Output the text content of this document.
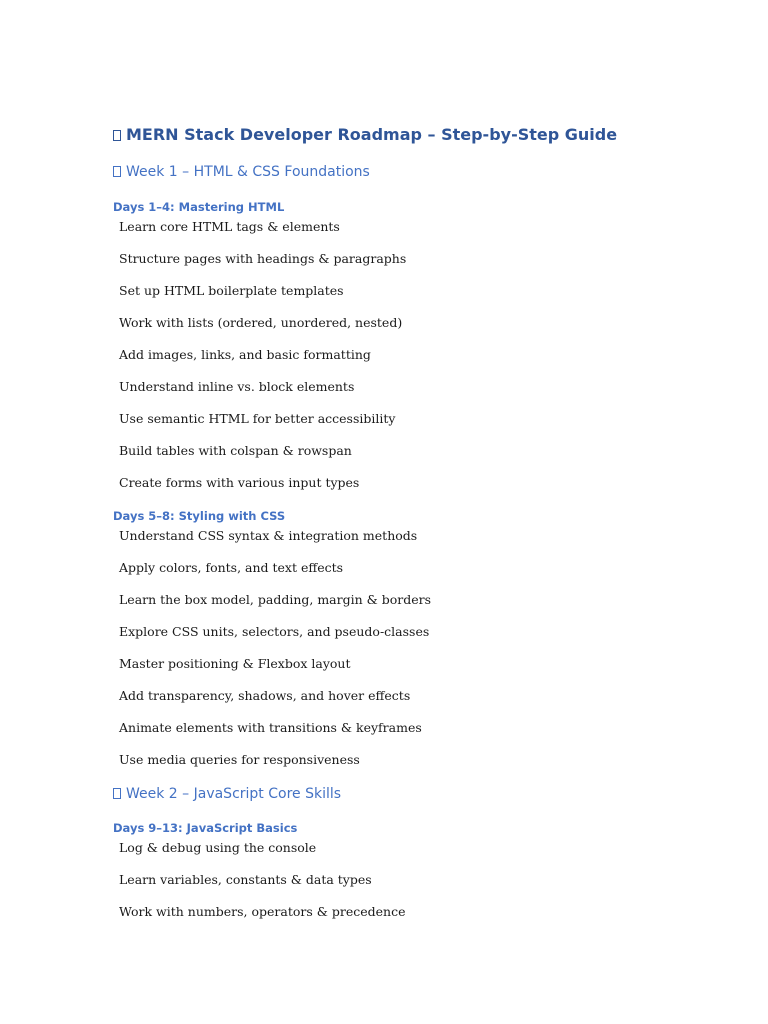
MERN Stack Developer Roadmap – Step-by-Step Guide
Week 1 – HTML & CSS Foundations
Days 1–4: Mastering HTML

Learn core HTML tags & elements

Structure pages with headings & paragraphs

Set up HTML boilerplate templates

Work with lists (ordered, unordered, nested)

Add images, links, and basic formatting

Understand inline vs. block elements

Use semantic HTML for better accessibility

Build tables with colspan & rowspan

Create forms with various input types

Days 5–8: Styling with CSS

Understand CSS syntax & integration methods

Apply colors, fonts, and text effects

Learn the box model, padding, margin & borders

Explore CSS units, selectors, and pseudo-classes

Master positioning & Flexbox layout

Add transparency, shadows, and hover effects

Animate elements with transitions & keyframes

Use media queries for responsiveness

Week 2 – JavaScript Core Skills
Days 9–13: JavaScript Basics

Log & debug using the console

Learn variables, constants & data types

Work with numbers, operators & precedence
